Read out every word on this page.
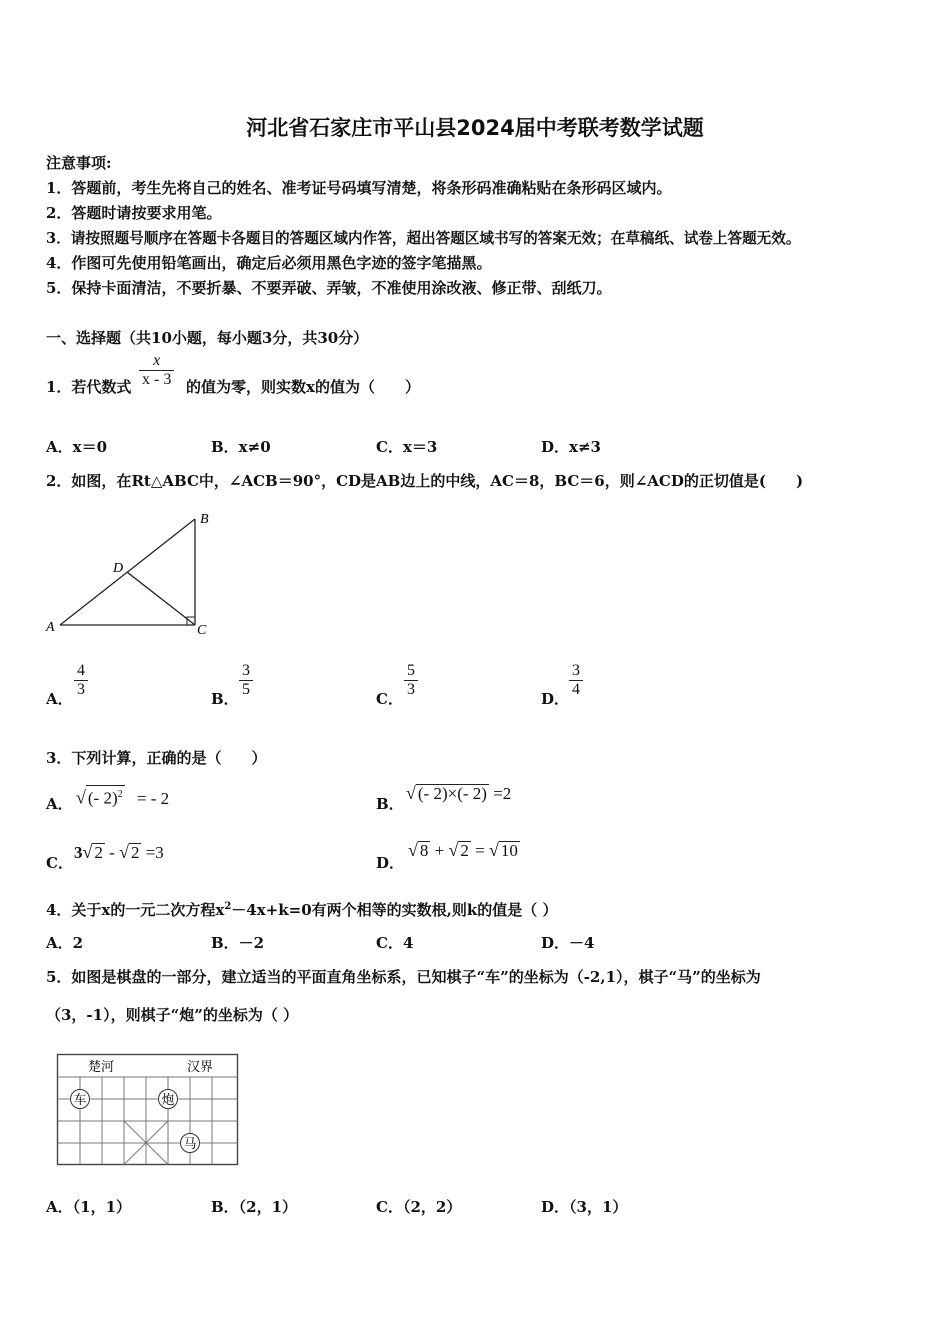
河北省石家庄市平山县2024届中考联考数学试题
注意事项:
1．答题前，考生先将自己的姓名、准考证号码填写清楚，将条形码准确粘贴在条形码区域内。
2．答题时请按要求用笔。
3．请按照题号顺序在答题卡各题目的答题区域内作答，超出答题区域书写的答案无效；在草稿纸、试卷上答题无效。
4．作图可先使用铅笔画出，确定后必须用黑色字迹的签字笔描黑。
5．保持卡面清洁，不要折暴、不要弄破、弄皱，不准使用涂改液、修正带、刮纸刀。
一、选择题（共10小题，每小题3分，共30分）
1．若代数式 $\frac{x}{x - 3}$ 的值为零，则实数x的值为（　　）
A．x＝0	B．x≠0	C．x＝3	D．x≠3
2．如图，在Rt△ABC中，∠ACB＝90°，CD是AB边上的中线，AC＝8，BC＝6，则∠ACD的正切值是(　　)
A
B
C
D
A． $\frac{4}{3}$	B． $\frac{3}{5}$	C． $\frac{5}{3}$	D． $\frac{3}{4}$
3．下列计算，正确的是（　　）
A． √ (- 2)$^2$ = - 2	B．
√ (- 2)×(- 2) =2
C．
3√ 2 - √ 2 =3
D．
√ 8 + √ 2 = √ 10
4．关于x的一元二次方程$x^2-4x+k=0$有两个相等的实数根,则k的值是（ ）
A．2	B．－2	C．4	D．－4
5．如图是棋盘的一部分，建立适当的平面直角坐标系，已知棋子“车”的坐标为（-2,1），棋子“马”的坐标为
（3，-1），则棋子“炮”的坐标为（ ）
楚河	汉界
车	炮
马
A．（1，1）	B．（2，1）	C．（2，2）	D．（3，1）
